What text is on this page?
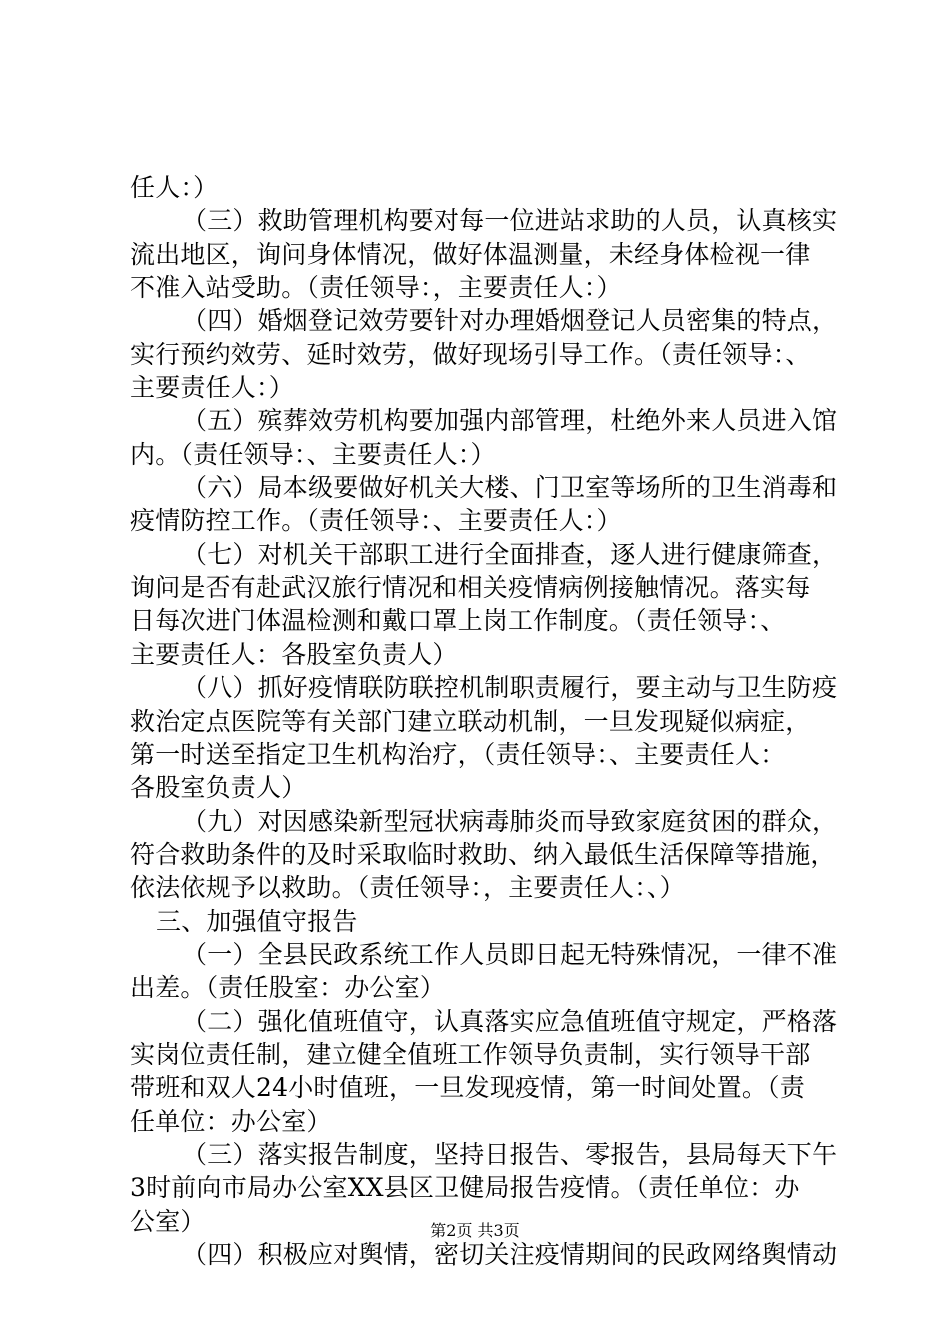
任人：）
（三）救助管理机构要对每一位进站求助的人员，认真核实
流出地区，询问身体情况，做好体温测量，未经身体检视一律
不准入站受助。（责任领导：，主要责任人：）
（四）婚烟登记效劳要针对办理婚烟登记人员密集的特点，
实行预约效劳、延时效劳，做好现场引导工作。（责任领导：、
主要责任人：）
（五）殡葬效劳机构要加强内部管理，杜绝外来人员进入馆
内。（责任领导：、主要责任人：）
（六）局本级要做好机关大楼、门卫室等场所的卫生消毒和
疫情防控工作。（责任领导：、主要责任人：）
（七）对机关干部职工进行全面排查，逐人进行健康筛查，
询问是否有赴武汉旅行情况和相关疫情病例接触情况。落实每
日每次进门体温检测和戴口罩上岗工作制度。（责任领导：、
主要责任人：各股室负责人）
（八）抓好疫情联防联控机制职责履行，要主动与卫生防疫
救治定点医院等有关部门建立联动机制，一旦发现疑似病症，
第一时送至指定卫生机构治疗，（责任领导：、主要责任人：
各股室负责人）
（九）对因感染新型冠状病毒肺炎而导致家庭贫困的群众，
符合救助条件的及时采取临时救助、纳入最低生活保障等措施，
依法依规予以救助。（责任领导：，主要责任人：、）
三、加强值守报告
（一）全县民政系统工作人员即日起无特殊情况，一律不准
出差。（责任股室：办公室）
（二）强化值班值守，认真落实应急值班值守规定，严格落
实岗位责任制，建立健全值班工作领导负责制，实行领导干部
带班和双人24小时值班，一旦发现疫情，第一时间处置。（责
任单位：办公室）
（三）落实报告制度，坚持日报告、零报告，县局每天下午
3时前向市局办公室XX县区卫健局报告疫情。（责任单位：办
公室）
（四）积极应对舆情，密切关注疫情期间的民政网络舆情动
第2页 共3页
